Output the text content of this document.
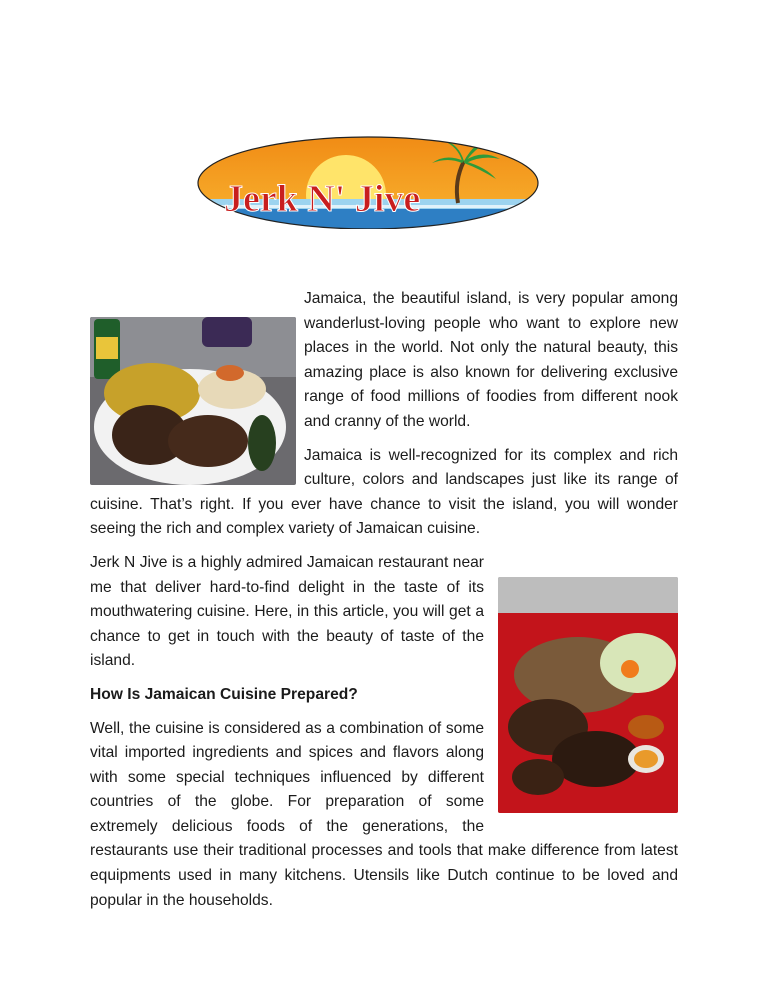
Jerk N' Jive

Jamaica, the beautiful island, is very popular among wanderlust-loving people who want to explore new places in the world. Not only the natural beauty, this amazing place is also known for delivering exclusive range of food millions of foodies from different nook and cranny of the world.

Jamaica is well-recognized for its complex and rich culture, colors and landscapes just like its range of cuisine. That’s right. If you ever have chance to visit the island, you will wonder seeing the rich and complex variety of Jamaican cuisine.

Jerk N Jive is a highly admired Jamaican restaurant near me that deliver hard-to-find delight in the taste of its mouthwatering cuisine. Here, in this article, you will get a chance to get in touch with the beauty of taste of the island.

How Is Jamaican Cuisine Prepared?

Well, the cuisine is considered as a combination of some vital imported ingredients and spices and flavors along with some special techniques influenced by different countries of the globe. For preparation of some extremely delicious foods of the generations, the restaurants use their traditional processes and tools that make difference from latest equipments used in many kitchens. Utensils like Dutch continue to be loved and popular in the households.
